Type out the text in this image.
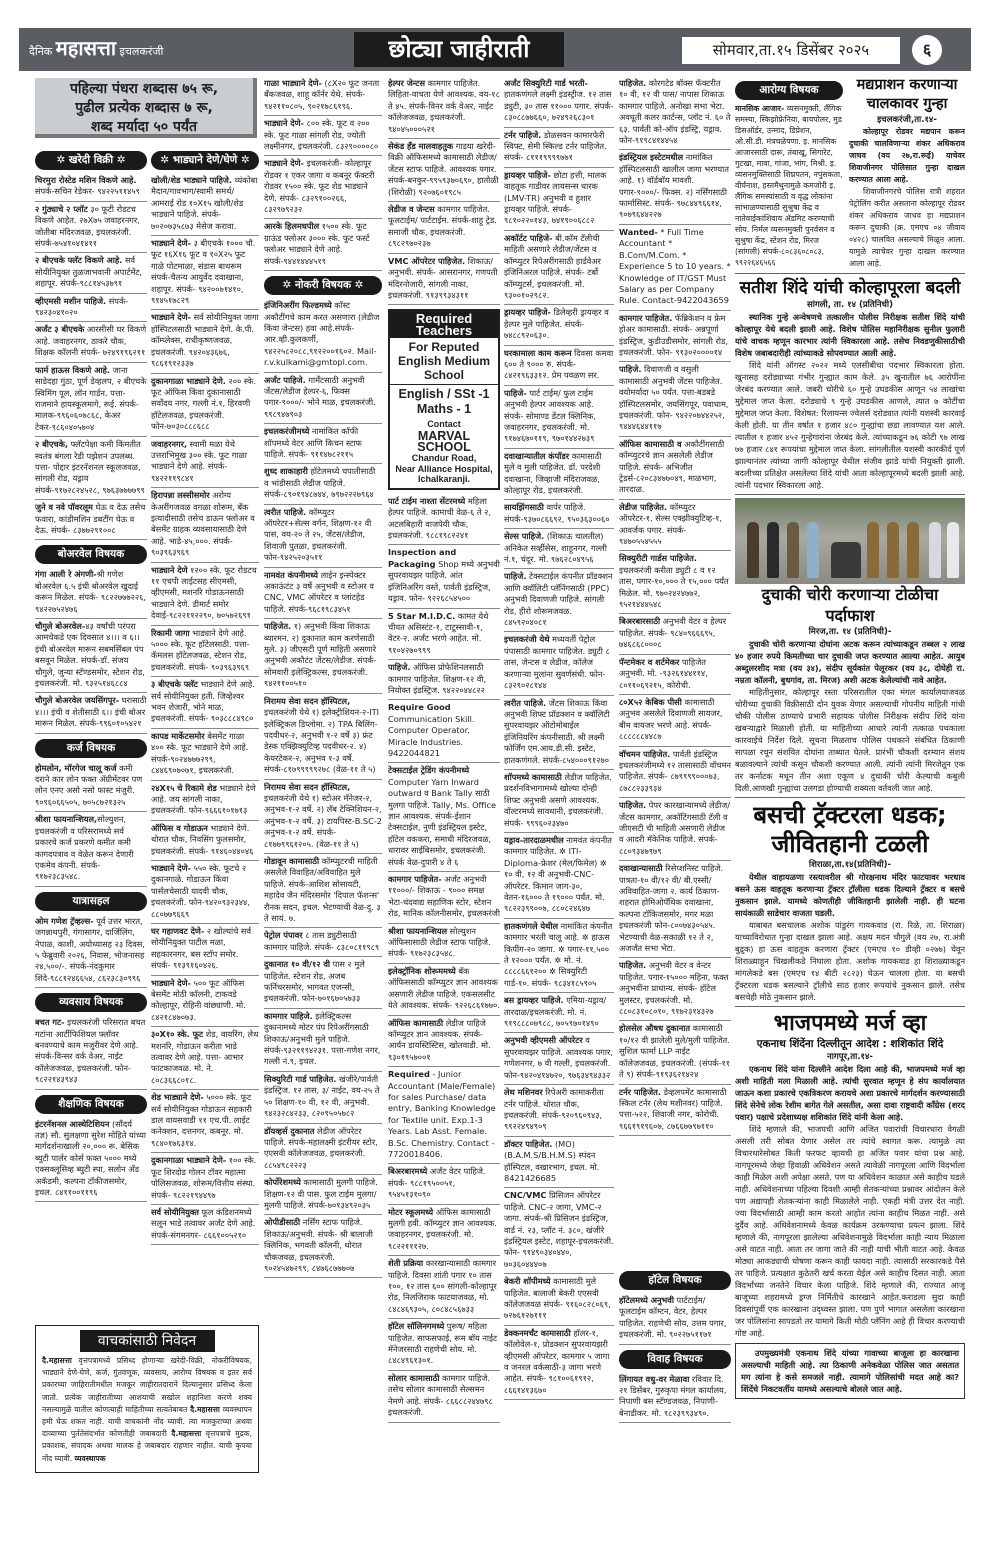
दैनिक महासत्ता इचलकरंजी	छोट्या जाहीराती	सोमवार,ता.१५ डिसेंबर २०२५	६
पहिल्या पंधरा शब्दास ७५ रू,
पुढील प्रत्येक शब्दास ७ रू,
शब्द मर्यादा ५० पर्यंत
✲ खरेदी विक्री ✲
चिरमुरा रोस्टेड मशिन विकणे आहे. संपर्क-सचिन रेडेकर- ९४२२५११४५९
२ गुंठ्याचे २ प्लॉट ३० फूटी रोडटच विकणे आहेत. २७X७५ जवाहरनगर, जोतीबा मंदिरजवळ, इचलकरंजी. संपर्क-७५४१०४१४११
२ बीएचके फ्लॅट विकणे आहे. सर्व सोयीनियुक्त तुळजाभवानी अपार्टमेंट, शहापूर. संपर्क-९८८१४५३७९१
व्हीएमसी मशीन पाहिजे. संपर्क- ९४२३०४१०२०
अर्जंट ३ बीएचके आरसीसी घर विकणे आहे. जवाहरनगर, ठाकरे चौक, शिक्षक कॉलनी संपर्क- ७२४९१९६२११
फार्म हाऊस विकणे आहे. जाना साडेदहा गुंठा, पूर्ण डेव्हलप, २ बीएचके स्विमिंग पूल, लॉन गार्डन. पत्ता-राजमाने हायस्कूलमागे, रूई. संपर्क-मालक-९९६०६०७८६८, केअर टेकर-९८६०४०५७०४
२ बीएचके, फ्लॅटपेक्षा कमी किंमतीत स्वतंत्र बंगला रेडी पझेशन उपलब्ध. पत्ता- पोद्दार इंटरनॅशनल स्कूलजवळ, सांगली रोड, यड्राव संपर्क-९१७२८२४५२८, ९७६३७७७७९९
जुने व नवे पॉवरलूम घेऊ व देऊ तसेच फवारा, कांडीमशिन डबटींग घेऊ व देऊ. संपर्क- ८३७७२९१००८
बोअरवेल विषयक
गंगा आली रे अंगणी-श्री गणेश बोअरवेल ६.५ इंची बोअरवेल खुदाई करून मिळेल. संपर्क- ९८२२७७७२२६, ९४२२७५२४७६
चौगुले बोअरवेल-४३ वर्षांची परंपरा आमचेकडे एक दिवसात ४।।। व ६।। इंची बोअरवेल मारून सबमर्सिबल पंप बसवून मिळेल. संपर्क-डॉ. संजय चौगुले, जुन्या स्टॅण्डसमोर, स्टेशन रोड, इचलकरंजी. मो. ९३२५१४६८८४
चौगुले बोअरवेल जयसिंगपूर- घरासाठी ४।।। इंची व शेतीसाठी ६।। इंची बोअर मारून मिळेल. संपर्क-९९६०१०५४२१
कर्ज विषयक
होमलोन, मॉरगेज चालू कर्ज कमी दराने कार लोन फक्त ॲग्रीमेंटवर पण लोन एनए असो नसो फास्ट मंजुरी. ९०९६०६६५०५, ७०५८७२१३२५
श्रीशा फायनान्शियल,सोल्युशन, इचलकरंजी व परिसरामध्ये सर्व प्रकारचे कर्ज प्रकरणे कमीत कमी कागदपत्राव व वेळेत करून देणारी एकमेव कंपनी. संपर्क- ९१७२३८३५४८.
यात्रासहल
ओम गणेश ट्रॅव्हल्स- पूर्व उत्तर भारत, जगन्नाथपुरी, गंगासागर, दार्जिलिंग, नेपाळ, काशी, अयोध्यासह २३ दिवस, ५ फेब्रुवारी २०२६, निवास, भोजनासह २४,५००/-. संपर्क-नंदकुमार शिंदे-९८८१२४६६५४, ८६२३८३०९९६
व्यवसाय विषयक
बचत गट- इचलकरंजी परिसरात बचत गटांना आर्टीफिशियल फ्लॉवर बनवण्याचे काम मजुरीवर देणे आहे. संपर्क-विन्सर वर्क वेअर, नाईट कॉलेजजवळ, इचलकरंजी. फोन- ९८२२१४३९४३
शैक्षणिक विषयक
इंटरनॅशनल आस्थेटिशियन (सौंदर्य तज्ञ) सौ. सुलक्षणा सुरेश मोहिते यांच्या मार्गदर्शनाखाली २०,००० रू. बेसिक ब्युटी पार्लर कोर्स फक्त ५००० मध्ये एक्सक्लूसिव्ह ब्युटी स्पा, सलोन अँड अकॅडमी, कल्पना टॉकीजसमोर, इचल. ८४११००११९६
✲ भाड्याने देणे/घेणे ✲
खोली/शेड भाड्याने पाहिजे. व्यंकोबा मैदान/गावभाग/स्वामी समर्थ/ आमराई रोड १०X१५ खोली/शेड भाड्याने पाहिजे. संपर्क- ७०२०७३५८७३ मेसेज करावा.
भाड्याने देणे- ३ बीएचके १००० चौ. फूट १६X१६ फूट व १०X२५ फूट गाळे पोटमाळा, संडास बाथरूम संपर्क-चैतन्य आयुर्वेद दवाखाना, शहापूर. संपर्क- ९४२००७१४१०, ९१४५१७८२९
भाड्याने देणे- सर्व सोयीनियुक्त जागा हॉस्पिटलसाठी भाड्याने देणे. के.पी. कॉम्प्लेक्स, राधीकृष्णजवळ, इचलकरंजी. ९४२०४३६७६, ९८६१९१२३३७
दुकानगाळा भाड्याने देणे. २०० स्के. फूट ऑफिस किंवा दुकानासाठी सर्वोदय नगर, गल्ली नं.१, हिरवणी हॉटेलजवळ, इचलकरंजी. फोन-७०३०८८८६८८
जवाहरनगर, स्वामी मळा येथे उत्तराभिमुख ३०० स्के. फूट गाळा भाड्याने देणे आहे. संपर्क- ९४२२११९८४१
हिरापन्ना लस्सीसमोर अरोग्य केअरींगजवळ वगळा शोरूम, बँक इत्यादीसाठी तसेच डाऊन फ्लोअर व बेसमेंट ग्राहक व्यवसायासाठी देणे आहे. भाडे-४५,०००. संपर्क- ९०३९६३९६९
भाड्याने देणे १२०० स्के. फूट रोडटच ११ एचपी लाईटसह सीएमसी, व्हीएमसी, मशनरि गोडाऊनसाठी भाड्याने देणे. डीमार्ट समोर देवाई-९८२२११२२९०, ७०५७२६९१
रिकामी जागा भाड्याने देणे आहे. ५००० स्के. फूट हॉटेलसाठी. पत्ता- कॅमलस हॉटेलजवळ, स्टेशन रोड, इचलकरंजी. संपर्क- ९०३९६३९६९
३ बीएचके फ्लॅट भाड्याने देणे आहे. सर्व सोयीनियुक्त हती. जिव्हेश्वर भवन शेजारी, भोने माळ, इचलकरंजी. संपर्क- ९०३८८८४९८०
कापड मार्केटसमोर बेसमेंट गाळा ४०० स्के. फूट भाड्याने देणे आहे. संपर्क-९०२४७७७२९९, ८४४६९०७०७१, इचलकरंजी.
२४X१५ चे रिकामे शेड भाड्याने देणे आहे. जय सांगली नाका, इचलकरंजी. फोन-९६६६१०१७१३
ऑफिस व गोडाऊन भाड्याने देणे. थोरात चौक, निवसिंग फुलसमोर, इचलकरंजी. संपर्क- ९१४६०४४०४६
भाड्याने देणे- ५५० स्के. फूटचे २ दुकानगाळे. गोडाऊन किंवा पार्सलचेसाठी यादवी चौक, इचलकरंजी. फोन-९४२०९३२३४४, ८८०७७९६६९
घर गहाणवट देणे- २ खोल्यांचे सर्व सोयीनियुक्त पाटील मळा, सहकारनगर, बस स्टॉप समोर. संपर्क- ९१३९१६०४२६.
भाड्याने देणे- ५०० फूट ऑफिस बेसमेंट मोठी कॉलनी, टाकवडे कोल्हापूर, रोहिनी वांछ्याणी. मो. ८४२१८४७०७३.
३०X१० स्के. फूट शेड, वायरिंग, लेथ मशनरि, गोडाऊन करीता भाडे तत्वावर देणे आहे. पत्ता- आभार फाटकाजवळ. मो. ने. ८०८३६६८०१८.
शेड भाड्याने देणे- ५००० स्के. फूट सर्व सोयीनियुक्त गोडाऊन सहकारी डाल वायसवाडी ११ एच.पी. लाईट कनेक्शन, दत्तनगर, कबनूर. मो. ९८४०१७६३१४.
दुकानगाळा भाड्याने देणे- १०० स्के. फूट शिरदोड गोलन टॉवर महात्मा पोलिसजवळ, शोरूम/वित्तीय संस्था. संपर्क- ९८२२१९४४९७
सर्व सोयीनियुक्त फूल कंडिशनमध्ये सलून भाडे तत्वावर अर्जंट देणे आहे. संपर्क-संगमनगर- ८६६१००५२१०
वाचकांसाठी निवेदन
दै.महासत्ता वृत्तपत्रामध्ये प्रसिध्द होणाऱ्या खरेदी-विक्री, नोकरीविषयक, भाड्याने देणे-घेणे, कर्ज, गुंतवणूक, व्यवसाय, आरोग्य विषयक व इतर सर्व प्रकारच्या जाहिरातीमधील मजकूर जाहीरातदाराने दिल्यानुसार प्रसिध्द केला जातो. प्रत्येक जाहीरातीच्या आशयाची सखोल शहानिशा करणे शक्य नसल्यामुळे यातील कोणत्याही माहितीच्या सत्यतेबाबत दै.महासत्ता व्यवस्थापन हमी घेऊ शकत नाही. याची वाचकांनी नोंद घ्यावी. त्या मजकुराच्या अथवा दाव्याच्या पुर्ततेसंदर्भात कोणतीही जबाबदारी दै.महासत्ता वृत्तपत्राचे मुद्रक, प्रकाशक, संपादक अथवा मालक हे जबाबदार राहणार नाहीत. याची कृपया नोंद घ्यावी. व्यवस्थापक
गाळा भाड्याने देणे- (८X२० फूट जनता बँकजवळ, शाहू कॉर्नर येथे. संपर्क- ९४२११०८०५, ९०२१७८६१९६.
भाड्याने देणे- ८०० स्के. फूट व २०० स्के. फूट गाळा सांगली रोड, ज्योती लक्ष्मीनगर, इचलकरंजी. ८३२९००००८०
भाड्याने देणे- इचलकरंजी- कोल्हापूर रोडवर १ एकर जागा व कबनूर फॅक्टरी रोडवर १५०० स्के. फूट शेड भाड्याने देणे. संपर्क- ८३२९१००२६६, ८३२९७९२३२
आरके हिलमधपील १५०० स्के. फूट ग्राऊंड फ्लोअर ३००० स्के. फूट फर्स्ट फ्लोअर भाड्याने देणे आहे. संपर्क-९४४१४४४५१९
✲ नोकरी विषयक ✲
इंजिनिअरींग फिल्डमध्ये कॉस्ट अकौटींगचे काम करत असणारा (लेडीज किंवा जेन्टस) हवा आहे.संपर्क-आर.व्ही.कुलकर्णी, ९४२२५८२०८८,९१२२००१६०२. Mail-r.v.kulkami@gmtopl.com.
अर्जंट पाहिजे. गार्मेंटसाठी अनुभवी जेंटस/लेडीज हेल्पर-६, फिक्स पगार-९०००/- भोने माळ, इचलकरंजी. ९९८९४७९०३
इचलकरंजीमध्ये नामांकित कॉफी शॉपमध्ये वेटर आणि किचन स्टाफ पाहिजे. संपर्क- ९११४७८२११५
शुध्द शाकाहारी हॉटेलमध्ये चपातीसाठी व भांडीसाठी लेडीज पाहिजे. संपर्क-८९०१९४८७४४, ७९७२२२७९६४
त्वरीत पाहिजे. कॉम्प्युटर ऑपरेटर+सेल्स वर्गन, शिक्षण-१२ वी पास, वय-२० ते २५, जेंटस/लेडीज, शिवाजी पुतळा, इचलकरंजी. फोन-९४२५२०३५११
नामवंत कंपनीमध्ये लाईन इन्स्पेक्टर अकाऊंटंट ३ वर्षे अनुभवी व स्टोअर व CNC, VMC ऑपरेटर व प्लांटहेड पाहिजे. संपर्क-९६८१९८३४५१
पाहिजेत. १) अनुभवी किंवा शिकाऊ ब्यारमन. २) दुकानात काम करणेसाठी मुले. ३) जीएसटी पूर्ण माहिती असणारे अनुभवी अकौटंट जेंटस/लेडीज. संपर्क- सोमवारी इलेक्ट्रिकल्स, इचलकरंजी. ९४२११००५१०
निरामय सेवा सदन हॉस्पिटल, इचलकरंजी येथे १) इलेक्ट्रीशियन-२-ITI इलेक्ट्रिकल डिप्लोमा. २) TPA बिलिंग-पदवीधर-२, अनुभवी १-२ वर्षे ३) फ्रंट डेस्क एक्झिक्युटिव्ह पदवीधर-२. ४) केयरटेकर-२, अनुभव १-३ वर्षे. संपर्क-८१७९९९९९२७८ (वेळ-११ ते ५)
निरामय सेवा सदन हॉस्पिटल, इचलकरंजी येथे १) स्टोअर मॅनेजर-२, अनुभव-१-२ वर्षे. २) लॅब टेक्निशियन-२, अनुभव-१-२ वर्षे. ३) टायपिस्ट-B.SC-2 अनुभव-१-२ वर्षे. संपर्क- ८१७७९९६१२०५. (वेळ-११ ते ५)
गोडावून कामासाठी कॉम्प्युटरची माहिती असलेले विवाहित/अविवाहित मुले पाहिजे. संपर्क-आशिश सोसायटी, महादेव जैन मंदिरसमोर 'दिपाल फॅशन्स' रौनक सदन, इचल. भेटण्याची वेळ-दु. ३ ते सायं. ७.
पेट्रोल पंपावर ८ तास ड्युटीसाठी कामगार पाहिजे. संपर्क- ८३८०८११९८९
दुकानात १० वी/१२ वी पास २ मुले पाहिजेत. स्टेशन रोड, अजब फर्निचरसमोर, भागवत एजन्सी, इचलकरंजी. फोन-७०१६७०५७३३
कामगार पाहिजे. इलेक्ट्रिकल्स दुकानामध्ये मोटर पंप रिपेअरींगसाठी शिकाऊ/अनुभवी मुले पाहिजे. संपर्क-९३२११९४२३१. पत्ता-गणेश नगर, गल्ली नं.९, इचल.
सिक्युरिटी गार्ड पाहिजेत. खंजीरे/पार्वती इंडस्ट्रिज. १२ तास, ३/ नाईट, वय-२५ ते ५० शिक्षण-१० वी, १२ वी, अनुभवी. ९४२३२८४२३३, ८२०९५०५७८२
डॉयव्हर्स दुकानात लेडीज ऑपरेटर पाहिजे. संपर्क-महालक्ष्मी इंटरीयर स्टोर, एएसवी कॉलेजजवळ, इचलकरंजी. ८८५४९८२२२३
कोर्पोरेशमध्ये कामासाठी मुलगी पाहिजे. शिक्षण-१२ वी पास. फुल टाईम मुलगा/मुलगी पाहिजे. संपर्क-७०१३४९२०३५
ओपीडीसाठी नर्सिंग स्टाफ पाहिजे. शिकाऊ/अनुभवी. संपर्क- श्री बालाजी क्लिनिक, भगवती कॉलनी, थोरात चौकजवळ, इचलकरंजी. ९०२४५४७२९९, ८४७६८७७७०७
हेल्पर जेन्टस कामगार पाहिजेत. लिहिता-वाचता येणे आवश्यक. वय-१८ ते ४५. संपर्क-विनर वर्क वेअर, नाईट कॉलेजजवळ, इचलकरंजी. ९४०४५०००५२१
सेकंड हँड मालवाहतुक गाडया खरेदी-विक्री ऑफिसमध्ये कामासाठी लेडीज/जेंटस स्टाफ पाहिजे. आवश्यक पगार. संपर्क-बनकुर-९९५९३७०६९०, हातोळी (शिरोळी) ९२०७६०१९८५
लेडीज व जेन्टस कामगार पाहिजेत. फूलटाईम/ पार्टटाईम. संपर्क-शाहू ट्रेड. समाजी चौक, इचलकरंजी. ८९८२९७०२३७
VMC ऑपरेटर पाहिजेत. शिकाऊ/अनुभवी. संपर्क- आसरानगर, गणपती मंदिरनोजारी, सांगली नाका, इचलकरंजी. ९१३९९३४३११
Required Teachers
For Reputed
English Medium
School
English / SSt -1
Maths - 1
Contact
MARVAL SCHOOL
Chandur Road,
Near Alliance Hospital,
Ichalkaranji.
पार्ट टाईम नाश्ता सेंटरमध्ये महिला हेल्पर पाहिजे. कामाची वेळ-६ ते २, अटलबिहारी वाजपेयी चौक, इचलकरंजी. ९८८१९८२२४१
Inspection and Packaging Shop मध्ये अनुभवी सुपरवायझर पाहिजे. आंत इंजिनिअरिंग वस्ते, पार्वती इंडस्ट्रिज, यड्राव. फोन- ९२२६८५४५००
5 Star M.I.D.C. कामत येथे चीयत असिस्टंट-१, टाटूस्सावी-१, वेटर-२. अर्जंट भरणे आहेत. मो. ९१०४२७०९९९
पाहिजे. ऑफिस प्रोफेशिनलसाठी कामगार पाहिजेत. शिक्षण-१२ वी, नियोक्त इंडस्ट्रिज. ९४२२०४४८२२
Require Good Communication Skill. Computer Operator. Miracle Industries. 9422044821
टेक्सटाईल ट्रेडिंग कंपनीमध्ये Computer Yarn Inward outward व Bank Tally साठी मुलगा पाहिजे. Tally, Ms. Office ज्ञान आवश्यक. संपर्क-ईशान टेक्सटाईल, नुणी इंडस्ट्रियल इस्टेट, हॉटेल वककरा, समाधी मंदिरजवळ, धारावर साईबिसमोर, इचलकरंजी. संपर्क वेळ-दुपारी ४ ते ६
कामगार पाहिजेत- अर्जंट अनुभवी ११०००/- शिकाऊ - ९००० समक्ष भेटा-चंदवाद्य सहाणिक स्टोर, स्टेशन रोड, मानिक कॉलनीसमोर, इचलकरंजी
श्रीशा फायनान्शियल सोल्युशन ऑफिसासाठी लेडीज स्टाफ पाहिजे. संपर्क- ९१७२३८३५४८.
इलेक्ट्रॉनिक शोरूममध्ये बॅक ऑफिससाठी कॉम्प्युटर ज्ञान आवश्यक असणारी लेडीज पाहिजे. एकसलसीट येते आवश्यक. संपर्क- ९२२६८६१७७०.
ऑफिस कामासाठी लेडीज पाहिजे कॉम्प्युटर ज्ञान आवश्यक. संपर्क- आर्यन डायस्टिस्टिस, खोतवाडी. मो. ९३०१९५७००१
Required - Junior Accountant (Male/Female) for sales Purchase/ data entry, Banking Knowledge for Textile unit. Exp.1-3 Years. Lab Asst. Female. B.Sc. Chemistry. Contact - 7720018406.
बिअरबारमध्ये अर्जंट वेटर पाहिजे. संपर्क- ९८८१९५००५१, ९५४५१३१०९०
मोटर स्कूलमध्ये ऑफिस कामासाठी मुलगी हवी. कॉम्प्युटर ज्ञान आवश्यक. जवाहरनगर, इचलकरंजी. मो. ९८२२१११२७.
शेती प्रक्रिया कारखान्यासाठी कामगार पाहिजे. दिवसा शांती पगार १० तास १००, १२ तास ६०० सांगली-कोल्हापूर रोड, निलजिराक फाटयाजवळ, मो. ८४८४६९३०५, ८०८४८५६७३३
हॉटेल सॉलिनगमध्ये पुरूष/ महिला पाहिजेत. साफसफाई, रूम बॉय नाईट मॅनेजरसाठी राहणेची सोय. मो. ८४८४९६१३०१.
सोलार कामासाठी कामगार पाहिजे. तसेच सोलार कामासाठी सेल्समन नेमणे आहे. संपर्क- ८६६८८२४४७९८ इचलकरंजी.
अर्जंट सिक्युरिटी गार्ड भरती- हातकणंगले लक्ष्मी इंडस्ट्रीज. १२ तास ड्युटी, ३० तास ११००० पगार. संपर्क- ८३०८८७७६६०, ७२४९२६८३०१
टर्नर पाहिजे. डोळसवन कामारफेरी स्विफ्ट, सेमी स्किल्ड टर्नर पाहिजेत. संपर्क- ८१११९९९९७७१
ड्रायव्हर पाहिजे- छोटा हत्ती, मालक वाहतूक गाडीवर लायसन्स धारक (LMV-TR) अनुभवी व हुशार ड्रायव्हर पाहिजे. संपर्क- ९८१०२२०१४३, ७४१९००६८८२
अकॉर्टट पाहिजे- बी.कॉम टॅलीची माहिती असणारे लेडीज/जेंटस व कॉम्प्युटर रिपेअरींगसाठी हार्डवेअर इंजिनिअरल पाहिजे. संपर्क- टर्बो कॉम्प्युटर्स, इचलकरंजी. मो. ९३००१०२९८२.
ड्रायव्हर पाहिजे- डिलेव्हरी ड्रायव्हर व हेल्पर मुले पाहिजेत. संपर्क- ७४८८९२०६३०.
घरकामाला काम करून दिवसा कमवा ६०० ते ९००० रु. संपर्क- ८४२१९६३३१२. प्रेम पवळण सर.
पाहिजे- पार्ट टाईम/ फुल टाईम अनुभवी हेल्पर आवश्यक आहे. संपर्क- सोमाण्ड डेंटल क्लिनिक, जवाहरनगर, इचलकरंजी. मो. ९१७४६७०११९, ९७०१४४२७३९
दवाखान्यातील कंपॉडर कामासाठी मुले व मुली पाहिजेत. डॉ. परदेशी दवाखाना, जिव्हाजी मंदिराजवळ, कोल्हापूर रोड, इचलकरंजी.
सायझिंगसाठी वार्पर पाहिजे. संपर्क-९३७०८६६९२, ९५०३६३००६०
सेल्स पाहिजे. (शिकाऊ चालतील) अनिकेत सर्व्हीसेस, शाहूनगर, गल्ली नं.१, चंदूर. मो. ९७६२८०४९५६
पाहिजे. टेक्सटाईल कंपनीत प्रॉडक्शन आणि क्वॉलिटी प्लॅनिंगसाठी (PPC) अनुभवी दिवाणजी पाहिजे. सांगली रोड, हीरो शोरूमजवळ. ८४५९२०४०८१
इचलकरंजी येथे मध्यवर्ती पेट्रोल पंपासाठी कामगार पाहिजेत. ड्युटी ८ तास, जेन्टस व लेडीज, कॉलेज करणाऱ्या मुलांना सुवर्णसंधी. फोन- ८३२९०२८१४४
त्वरीत पाहिजे. जेंटस शिकाऊ किंवा अनुभवी शिफ्ट प्रॉडक्शन व क्वॉलिटी सुपरवायझर ऑटोमोबाईल इंजिनियरिंग कंपनीसाठी. श्री लक्ष्मी फोर्जिंग एम.आय.डी.सी. इस्टेट, हातकणंगले. संपर्क-८५४०००९१२७०
शॉपमध्ये कामासाठी लेडीज पाहिजेत. प्रदर्शनविभागामध्ये खोल्या दोन्ही शिफ्ट अनुभवी असणे आवश्यक. वॉल्टरमध्ये सावधानी, इचलकरंजी. संपर्क- ९९९६०२३४७०
यड्राव-तारदाळमधील नामवंत कंपनीत कामगार पाहिजेत. ✲ ITI-Diploma-फ्रेशर (मेल/फिमेल) ✲ १० वी, १२ वी अनुभवी-CNC-ऑपरेटर. किमान जाग-३०, वेतन-१६००० ते १९००० पर्यंत. मो. ९८२२३९९००७, ८८०८२४६४७
हातकणंगले येथील नामांकित कंपनीत कामगार भरती चालू आहे. ✲ हाऊस किपींग-२० जागा. ✲ पगार-११,५०० ते १२००० पर्यंत. ✲ मो. नं. ८८८८६६१२०० ✲ सिक्युरिटी गार्ड-१०. संपर्क- ९८३४१८५९०५
बस ड्रायव्हर पाहिजे. एमिया-यड्राव/तारदाळ/इचलकरंजी. मो. नं. ९१९८८८०७९८८, ७०५९७०१४९०
अनुभवी व्हीएमसी ऑपरेटर व सुपरवायझर पाहिजे. आवश्यक पगार, गणेशनगर, ७ वी गल्ली, इचलकरंजी. फोन-९४२०४१४७२०, ९७६३४९४३३२
लेथ मशिनवर रिपेअरी कामाकरीता टर्नर पाहिजे. थोरात चौक, इचलकरंजी. संपर्क-९२०९६०९४३, ९९२२४९४९०९
डॉक्टर पाहिजेत. (MO) (B.A.M.S/B.H.M.S) स्पंदन हॉस्पिटल, वखारभाग, इचल. मो. 8421426685
CNC/VMC प्रिसिजन ऑपरेटर पाहिजे. CNC-२ जागा, VMC-२ जागा. संपर्क-श्री प्रिसिजन इंडस्ट्रिज, वार्ड नं. २३, प्लॉट नं. ३८०, खंजीरे इंडस्ट्रियल इस्टेट, शहापूर-इचलकरंजी. फोन- ९१४९०३४०४४०, ७०३६०४४४०७
बेकरी शॉपीमध्ये कामासाठी मुले पाहिजेत. बालाजी बेकरी एएसवी कॉलेजजवळ संपर्क- ९१६०८२८०६९, ७२७६१२७१११
डेक्कनमर्चंट कामासाठी हॉलर-१, कॉलोवेल-१, प्रोडक्शन सुपरवायझरी व्हीएमसी ऑपरेटर, कामगार ५ जागा व जनरल वर्कसाठी-३ जागा भरणे आहेत. संपर्क- ९८१००६१९१२, ८६६१४१३६७०
पाहिजेत. कोरगटेड बॉक्स फॅक्टरीत १० वी, १२ वी पास/ नापास शिकाऊ कामगार पाहिजे. अनोखा सभा भेटा. अवधूती कलर कार्टन्स, प्लॉट नं. ६० ते ६३. पार्वती को-ऑप इंडस्ट्रि, यड्राव. फोन-९१९८४१४४५४
इंडस्ट्रियल इस्टेटमधील नामांकित हॉस्पिटलसाठी खालील जागा भरण्यात आहे. १) वॉर्डबॉय मावशी. पगार-९०००/- फिक्स. २) नर्सिंगसाठी फार्मासिस्ट. संपर्क- ९७८४४९६६१४, ९०७९६४४२२७
Wanted- * Full Time Accountant * B.Com/M.Com. * Experience 5 to 10 years. * Knowledge of IT/GST Must Salary as per Company Rule. Contact-9422043659
कामगार पाहिजेत. फॅब्रिकेशन व फ्रेम होअर कामासाठी. संपर्क- अन्नपूर्णा इंडस्ट्रिज, कुडीउडीसमोर, सांगली रोड, इचलकरंजी. फोन- ९१३०२००००१४
पाहिजे. दिवाणजी व वसुली कामासाठी अनुभवी जेंटस पाहिजेत. वयोमर्यादा ५० पर्यंत. पत्ता-बडबडे हॉस्पिटलसमोर, जयसिंगपूर, पवाधाम, इचलकरंजी. फोन- ९४२२०७४४२५२, ९४४४६४४११७
ऑफिस कामासाठी व अकौटींगसाठी कॉम्प्युटरचे ज्ञान असलेली लेडीज पाहिजे. संपर्क- अभिजीत ट्रेडर्स-८२०८३४७७०४९, माळभाग, तारदाळ.
लेडीज पाहिजेत. कॉम्प्युटर ऑपरेटर-१, सेल्स एक्झीक्युटिव्ह-१, आवर्जक पगार. संपर्क- ९४७०५५४५५५
सिक्युरीटी गार्डस पाहिजेत. इचलकरंजी करीता ड्युटी ८ व १२ तास, पगार-१०,००० ते १५,००० पर्यंत मिळेल. मो. ९७०२४२४७७२, ९५२१४४४५४८
बिअरबारसाठी अनुभवी वेटर व हेल्पर पाहिजेत. संपर्क- ९८४०९६६६९५, ७४६८६८०००८
पॅन्टमेकर व शर्टमेकर पाहिजेत अनुभवी. मो. -९३२६१४४११४, ८०११०६९२१५, कोरोची.
८०X५२ केबिक पीसी कामासाठी अनुभव असलेले दिवाणजी सायजर, बीम वायजर भरणे आहे. संपर्क- ८८८८८८४४८७
वॉचमन पाहिजेत. पार्वती इंडस्ट्रिज इचलकरंजीमध्ये १२ तासासाठी वॉचमन पाहिजेत. संपर्क- ८७९९९९०००७३, ८७८८२३३९३४
पाहिजेत. पेपर कारखान्यामध्ये लेडीज/जेंटस कामगार, अकॉटिंगसाठी टॅली व जीएसटी ची माहिती असणारी लेडीज व आदरी मॅकेनिक पाहिजे. संपर्क- ८८०९३४७९७९
दवाखान्यासाठी रिसेप्शनिस्ट पाहिजे. पात्रता-१० वी/१२ वी/ बी.एस्सी/अविवाहित-जागा २. कार्य ठिकाण- शहरात होमिओपॅथिक दवाखाना, कल्पना टॉकिजसमोर, मगर मळा इचलकरंजी फोन-८००७४३०५४५. भेटण्याची वेळ-सकाळी १२ ते २, अजर्जंत सभा भेटा.
पाहिजेत. अनुभवी वेटर व वेन्टर पाहिजेत. पगार-१५००० महिना, फक्त अनुभवींना प्राधान्य. संपर्क- हॉटेल मुलस्टर, इचलकरंजी. मो. ८८०८३१०८०१०, ९१७२३१४३२७
होलसेल औषध दुकानात कामासाठी १०/१२ वी झालेली मुले/मुली पाहिजेत. सुशिल फार्मा LLP नाईट कॉलेजजवळ, इचलकरंजी. (संपर्क-११ ते ९) संपर्क-९१९३६२१४२४
टर्नर पाहिजेत. डेव्हलपमेंट कामासाठी स्किल टर्नर (लेथ मशीनवर) पाहिजे. पत्ता-५२२, शिवाजी नगर, कोरोची. ९६६१९१९६०७, ८७६६७७९७११०
हॉटेल विषयक
हॉटेलमध्ये अनुभवी पार्टटाईम/ फूलटाईम कॉम्टन, वेटर, हेल्पर पाहिजेत. राहणेची सोय, उत्तम पगार, इचलकरंजी. मो. ९०२२७५११७१
विवाह विषयक
लिंगायत वधु-वर मेळावा रविवार दि. २१ डिसेंबर, गुरुकृपा मंगल कार्यालय, निपाणी बस स्टॅण्डजवळ, निपाणी-बेनाडीकर. मो. ९८२३९९३४९०.
आरोग्य विषयक
मानसिक आजार- व्यसनमुक्ती, लैंगिक समस्या, स्किझोफ्रेनिया, बायपोलर, मुड डिसऑर्डर, उन्माद, डिप्रेशन, ओ.सी.डी. मंत्रचळेपणा. इ. मानसिक आजारसाठी दारू, तंबाखू, सिगारेट, गुटखा, मावा, गांजा, भांग, मिश्री. इ. व्यसनमुक्तिसाठी शिघ्रपतन, नपुंसकता, वीर्यनाश, हस्तमैथुनामुळे कमजोरी इ. लैंगिक समस्यांसाठी व वृद्ध लोकांना सांभाळण्यासाठी सुश्रुषा केंद्र व नातेवाईकांशिवाय ॲडमिट करण्याची सोय. निर्मल व्यसनमुक्ती पुनर्वसन व सुश्रुषा केंद्र, स्टेशन रोड, मिरज (सांगली) संपर्क-८०८३६०८०८३, ९९२२६४६५६६
मद्यप्राशन करणाऱ्या चालकावर गुन्हा
इचलकरंजी,ता.१४-
कोल्हापूर रोडवर मद्यपान करून दुचाकी चालविणाऱ्या शंकर अधिकराव जाधव (वय २७,रा.रूई) याचेवर शिवाजीनगर पोलिसात गुन्हा दाखल करण्यात आला आहे.
शिवाजीनगरचे पोलिस रात्री शहरात पेट्रोलिंग करीत असताना कोल्हापूर रोडवर शंकर अधिकराव जाधव हा मद्यप्राशन करून दुचाकी (क्र. एमएच ०४ जीवाय ०४२८) चालवित असल्याचे मिळून आला. यामुळे त्याचेवर गुन्हा दाखल करण्यात आला आहे.
सतीश शिंदे यांची कोल्हापूरला बदली
सांगली, ता. १४ (प्रतिनिधी)
स्थानिक गुन्हे अन्वेषणचे तत्कालीन पोलीस निरीक्षक सतीश शिंदे यांची कोल्हापूर येथे बदली झाली आहे. विशेष पोलिस महानिरीक्षक सुनील फुलारी यांचे वाचक म्हणून कारभार त्यांनी स्विकारला आहे. तसेच निवडणुकीसाठीची विशेष जबाबदारीही त्यांच्याकडे सोपवण्यात आली आहे.
शिंदे यांनी ऑगस्ट २०२२ मध्ये एलसीबीचा पदभार स्विकारला होता. खुनासह दरोड्याच्या गंभीर गुन्ह्यात काम केले. ३५ खुनातील ७६ आरोपींना जेरबंद करण्यात आले. जबरी चोरीचे ६० गुन्हे उघडकीस आणून ५४ लाखांचा मुद्देमाल जप्त केला. दरोड्याचे ९ गुन्हे उघडकीस आणले, त्यात ७ कोटींचा मुद्देमाल जप्त केला. विशेषत: रिलायन्स ज्वेलर्स दरोड्यात त्यांनी यशस्वी कारवाई केली होती. या तीन वर्षात १ हजार ४८० गुन्ह्यांचा छडा लावण्यात यश आले. त्यातील १ हजार ४५२ गुन्हेगारांना जेरबंद केले. त्यांच्याकडून ७६ कोटी ९७ लाख ७७ हजार ८४१ रूपयांचा मुद्देमाल जप्त केला. सांगलीतील यशस्वी कारकीर्द पूर्ण झाल्यानंतर त्यांच्या जागी कोल्हापूर येथील संजीव झाडे यांची नियुक्ती झाली. बदलीच्या प्रतिक्षेत असलेल्या शिंदे यांची आता कोल्हापूरमध्ये बदली झाली आहे. त्यांनी पदभार स्विकारला आहे.
दुचाकी चोरी करणाऱ्या टोळीचा पर्दाफाश
मिरज,ता. १४ (प्रतिनिधी)-
दुचाकी चोरी करणाऱ्या दोघांना अटक करून त्यांच्याकडून तब्बल २ लाख ४० हजार रुपये किमतीच्या चार दुचाकी जप्त करण्यात आल्या आहेत. आयुब अब्दुलरशीद मत्रा (वय ३४), संदीप सूर्यकांत पेलूरकर (वय ३८, दोघेही रा. नम्रता कॉलनी, बुधगांव, ता. मिरज) अशी अटक केलेल्यांची नावे आहेत.
माहितीनुसार, कोल्हापूर रस्ता परिसरातील एका मंगल कार्यालयाजवळ चोरीच्या दुचाकी विक्रीसाठी दोन युवक येणार असल्याची गोपनीय माहिती गांधी चौकी पोलीस ठाण्याचे प्रभारी सहायक पोलीस निरीक्षक संदीप शिंदे यांना खबऱ्याद्वारे मिळाली होती. या माहितीच्या आधारे त्यांनी तत्काळ पथकाला कारवाईचे निर्देश दिले. सूचना मिळताच पोलिस पथकाने संबंधित ठिकाणी सापळा रचून संशयित दोघांना ताब्यात घेतले. प्रारंभी चौकशी दरम्यान संशय बळावल्याने त्यांची कसून चौकशी करण्यात आली. त्यांनी त्यांनी मिरजेतून एक तर कर्नाटक मधून तीन अशा एकूण ४ दुचाकी चोरी केल्याची कबुली दिली.आणखी गुन्ह्यांचा उलगडा होण्याची शक्यता वर्तवली जात आहे.
बसची ट्रॅक्टरला धडक;
जीवितहानी टळली
शिराळा,ता.१४(प्रतिनिधी)-
येथील वाहायळणा रस्त्यावरील श्री गोरक्षनाथ मंदिर फाटयावर भरधाव बसने ऊस वाहतूक करणाऱ्या ट्रॅक्टर ट्रॉलीला धडक दिल्याने ट्रॅक्टर व बसचे नुकसान झाले. यामध्ये कोणतीही जीवितहानी झालेली नाही. ही घटना सायंकाळी साडेचार वाजता घडली.
याबाबत बसचालक अशोक पांडुरंग गायकवाड (रा. रिळे, ता. शिराळा) याच्याविरोधात गुन्हा दाखल झाला आहे. अक्षय मदन चौगुले (वय २७, रा.अंत्री बुद्रुक) हा ऊस वाहतूक करणारा ट्रॅक्टर (एमएच १० डीव्ही ०२७७) घेवून शिराळ्याहून चिखलीकडे निघाला होता. अशोक गायकवाड हा शिराळ्याकडून मांगलेकडे बस (एमएच १४ बीटी २८२३) घेऊन चालला होता. या बसची ट्रॅक्टरला धडक बसल्याने ट्रॉलीचे साठ हजार रूपयांचे नुकसान झाले. तसेच बसचेही मोठे नुकसान झाले.
भाजपमध्ये मर्ज व्हा
एकनाथ शिंदेंना दिल्लीतून आदेश : शशिकांत शिंदे
नागपूर,ता.१४-
एकनाथ शिंदे यांना दिल्लीने आदेश दिला आहे की, भाजपमध्ये मर्ज व्हा अशी माहिती मला मिळाली आहे. त्यांची सुरवात म्हणून हे संप कार्यालयात जाऊन कशा प्रकारचे एकत्रिकरण करायचे अशा प्रकारचे मार्गदर्शन करण्यासाठी शिंदे सेनेचे लोक रेशीम बागेत गेले असतील, असा दावा राष्ट्रवादी काँग्रेस (शरद पवार) पक्षाचे प्रदेशाध्यक्ष शशिकांत शिंदे यांनी केला आहे.
शिंदे म्हणाले की, भाजपची आणि अजित पवारांची विचारधारा वेगळी असली तरी सोबत येणार असेल तर त्यांचे स्वागत करू. त्यामुळे त्या विचारधारेसोबत किती फरफट व्हायची हा अजित पवार यांचा प्रश्न आहे. नागपूरमध्ये जेव्हा हिवाळी अधिवेशन असते त्यावेळी नागपूरला आणि विदर्भाला काही मिळेल अशी अपेक्षा असते. पण या अधिवेशन काळात असे काहीच घडले नाही. अधिवेशनाच्या पहिल्या दिवशी आम्ही शेतकऱ्यांच्या प्रश्नावर आंदोलन केले पण अद्यापही शेतकऱ्यांना काही मिळालेले नाही. एकही मंत्री उत्तर देत नाही. ज्या विदर्भासाठी आम्ही काम करतो आहोत त्यांना काहीच मिळत नाही. असे दुर्दैव आहे. अधिवेशनामध्ये केवळ कार्यक्रम उरकण्याचा प्रयत्न झाला. शिंदे म्हणाले की, नागपूरला झालेल्या अधिवेशनामुळे विदर्भाला काही न्याय मिळाला असे वाटत नाही. आता तर जागा जाते की नाही याची भीती वाटत आहे. केवळ मोठ्या आकड्याची घोषणा करून काही फायदा नाही. त्यासाठी सरकारकडे पैसे तर पाहिजे. प्रत्यक्षात कुठेतरी खर्च करता येईल असे काहीच दिसत नाही. आता विदर्भाच्या जनतेने विचार केला पाहिजे. शिंदे म्हणाले की, राज्यात आजू बाजूच्या शहरामध्ये ड्रग्ज निर्मितीचे कारखाने आहेत.कराडला सुदा काही दिवसांपूर्वी एक कारखाना उद्ध्वस्त झाला. पण पुणे भागात असलेला कारखाना जर पोलिसांना सापडतो तर यामागे किती मोठी प्लॅनिंग आहे ही विचार करण्याची गोष्ट आहे.
उपमुख्यमंत्री एकनाथ शिंदे यांच्या गावाच्या बाजूला हा कारखाना असल्याची माहिती आहे. त्या ठिकाणी अनेकवेळा पोलिस जात असतात मग त्यांना हे कसे समजले नाही. त्यामागे पोलिसांची मदत आहे का? शिंदेंचे निकटवर्तीय यामध्ये असल्याचे बोलले जात आहे.
